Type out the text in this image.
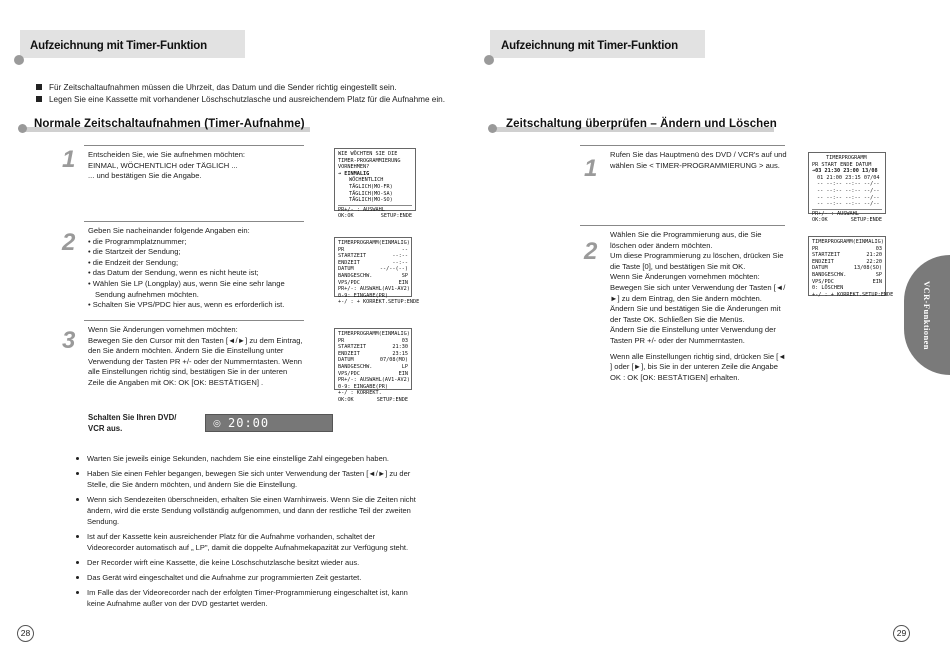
Aufzeichnung mit Timer-Funktion
Für Zeitschaltaufnahmen müssen die Uhrzeit, das Datum und die Sender richtig eingestellt sein.
Legen Sie eine Kassette mit vorhandener Löschschutzlasche und ausreichendem Platz für die Aufnahme ein.
Normale Zeitschaltaufnahmen (Timer-Aufnahme)
1 Entscheiden Sie, wie Sie aufnehmen möchten:

EINMAL, WÖCHENTLICH oder TÄGLICH ...

... und bestätigen Sie die Angabe.

WIE WÖCHTEN SIE DIE
TIMER-PROGRAMMIERUNG
VORNEHMEN?
➜ EINMALIG
WÖCHENTLICH
TÄGLICH(MO-FR)
TÄGLICH(MO-SA)
TÄGLICH(MO-SO)
PR+/- : AUSWAHL
OK:OK	SETUP:ENDE
2 Geben Sie nacheinander folgende Angaben ein:

• die Programmplatznummer;
• die Startzeit der Sendung;
• die Endzeit der Sendung;
• das Datum der Sendung, wenn es nicht heute ist;
• Wählen Sie LP (Longplay) aus, wenn Sie eine sehr lange Sendung aufnehmen möchten.
• Schalten Sie VPS/PDC hier aus, wenn es erforderlich ist.
TIMERPROGRAMM(EINMALIG)
PR	--
STARTZEIT	--:--
ENDZEIT	--:--
DATUM	--/--(--)
BANDGESCHW.	SP
VPS/PDC	EIN
PR+/-: AUSWAHL(AV1-AV2)
0-9: EINGABE(PR)
+-/ : + KORREKT. SETUP:ENDE
3 Wenn Sie Änderungen vornehmen möchten:

Bewegen Sie den Cursor mit den Tasten [◄/►] zu dem Eintrag, den Sie ändern möchten. Ändern Sie die Einstellung unter Verwendung der Tasten PR +/- oder der Nummerntasten. Wenn alle Einstellungen richtig sind, bestätigen Sie in der unteren Zeile die Angaben mit OK: OK [OK: BESTÄTIGEN] .

TIMERPROGRAMM(EINMALIG)
PR	03
STARTZEIT	21:30
ENDZEIT	23:15
DATUM	07/08(MO)
BANDGESCHW.	LP
VPS/PDC	EIN
PR+/-: AUSWAHL(AV1-AV2)
0-9: EINGABE(PR)
+-/ : KORREKT.
OK:OK	SETUP:ENDE
Schalten Sie Ihren DVD/ VCR aus.
◎ 20:00
Warten Sie jeweils einige Sekunden, nachdem Sie eine einstellige Zahl eingegeben haben.
Haben Sie einen Fehler begangen, bewegen Sie sich unter Verwendung der Tasten [◄/►] zu der Stelle, die Sie ändern möchten, und ändern Sie die Einstellung.
Wenn sich Sendezeiten überschneiden, erhalten Sie einen Warnhinweis. Wenn Sie die Zeiten nicht ändern, wird die erste Sendung vollständig aufgenommen, und dann der restliche Teil der zweiten Sendung.
Ist auf der Kassette kein ausreichender Platz für die Aufnahme vorhanden, schaltet der Videorecorder automatisch auf „ LP", damit die doppelte Aufnahmekapazität zur Verfügung steht.
Der Recorder wirft eine Kassette, die keine Löschschutzlasche besitzt wieder aus.
Das Gerät wird eingeschaltet und die Aufnahme zur programmierten Zeit gestartet.
Im Falle das der Videorecorder nach der erfolgten Timer-Programmierung eingeschaltet ist, kann keine Aufnahme außer von der DVD gestartet werden.
28
Aufzeichnung mit Timer-Funktion
Zeitschaltung überprüfen – Ändern und Löschen
1

Rufen Sie das Hauptmenü des DVD / VCR's auf und wählen Sie < TIMER-PROGRAMMIERUNG > aus.

TIMERPROGRAMM
PR START ENDE DATUM
➜03 21:30 23:00 13/08
01 21:00 23:15 07/04
-- --:-- --:-- --/--
-- --:-- --:-- --/--
-- --:-- --:-- --/--
-- --:-- --:-- --/--
PR+/- : AUSWAHL
OK:OK	SETUP:ENDE
2

Wählen Sie die Programmierung aus, die Sie löschen oder ändern möchten.

Um diese Programmierung zu löschen, drücken Sie die Taste [0], und bestätigen Sie mit OK.

Wenn Sie Änderungen vornehmen möchten:

Bewegen Sie sich unter Verwendung der Tasten [◄/►] zu dem Eintrag, den Sie ändern möchten. Ändern Sie und bestätigen Sie die Änderungen mit der Taste OK. Schließen Sie die Menüs.

Ändern Sie die Einstellung unter Verwendung der Tasten PR +/- oder der Nummerntasten.

Wenn alle Einstellungen richtig sind, drücken Sie [◄ ] oder [►], bis Sie in der unteren Zeile die Angabe OK : OK [OK: BESTÄTIGEN] erhalten.

TIMERPROGRAMM(EINMALIG)
PR	03
STARTZEIT	21:20
ENDZEIT	22:20
DATUM	13/08(SO)
BANDGESCHW.	SP
VPS/PDC	EIN
0: LÖSCHEN
+-/ : + KORREKT. SETUP:ENDE	VCR-Funktionen
29
